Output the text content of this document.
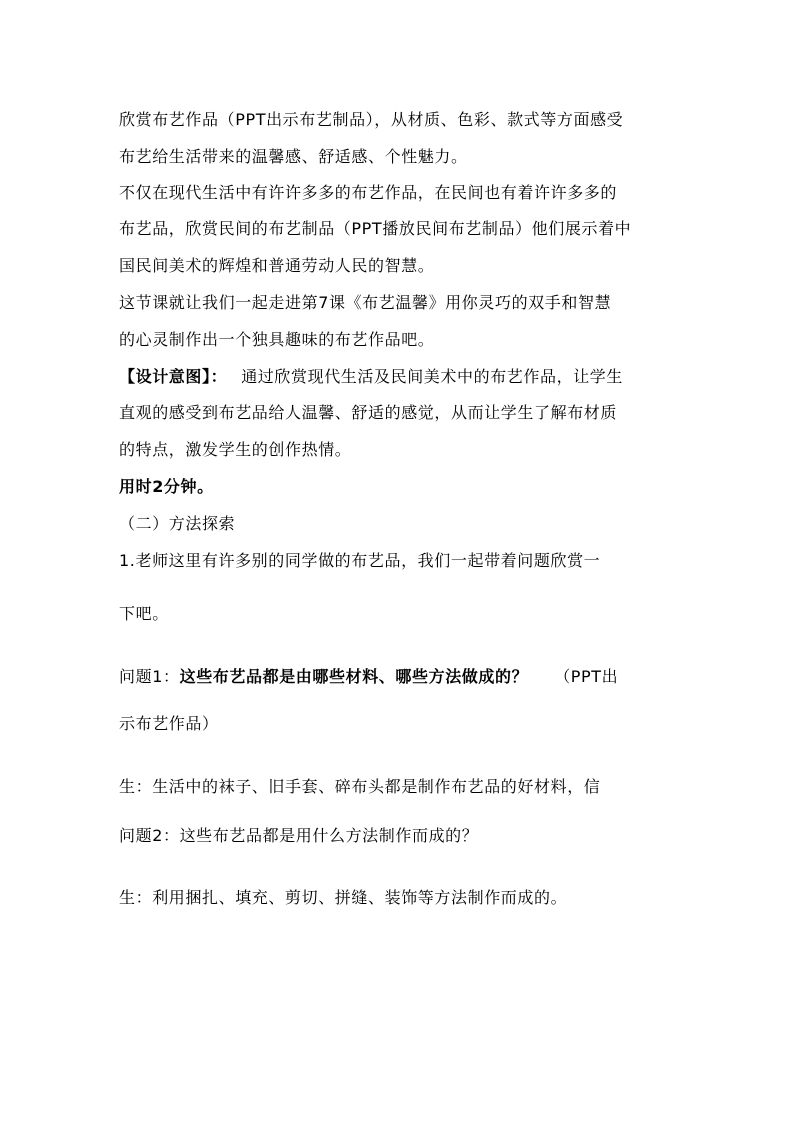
欣赏布艺作品（PPT出示布艺制品），从材质、色彩、款式等方面感受
布艺给生活带来的温馨感、舒适感、个性魅力。
不仅在现代生活中有许许多多的布艺作品，在民间也有着许许多多的
布艺品，欣赏民间的布艺制品（PPT播放民间布艺制品）他们展示着中
国民间美术的辉煌和普通劳动人民的智慧。
这节课就让我们一起走进第7课《布艺温馨》用你灵巧的双手和智慧
的心灵制作出一个独具趣味的布艺作品吧。
【设计意图】： 通过欣赏现代生活及民间美术中的布艺作品，让学生
直观的感受到布艺品给人温馨、舒适的感觉，从而让学生了解布材质
的特点，激发学生的创作热情。
用时2分钟。
（二）方法探索
1.老师这里有许多别的同学做的布艺品，我们一起带着问题欣赏一
下吧。
问题1：这些布艺品都是由哪些材料、哪些方法做成的？ （PPT出
示布艺作品）
生：生活中的袜子、旧手套、碎布头都是制作布艺品的好材料，信
问题2：这些布艺品都是用什么方法制作而成的？
生：利用捆扎、填充、剪切、拼缝、装饰等方法制作而成的。
